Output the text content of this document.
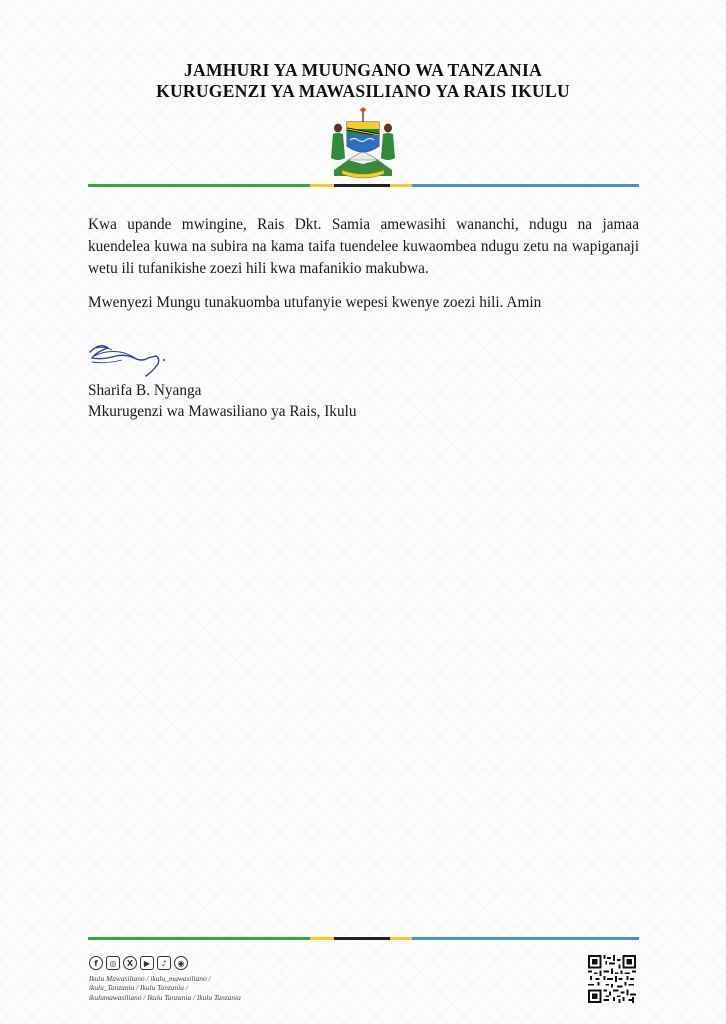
JAMHURI YA MUUNGANO WA TANZANIA
KURUGENZI YA MAWASILIANO YA RAIS IKULU

Kwa upande mwingine, Rais Dkt. Samia amewasihi wananchi, ndugu na jamaa kuendelea kuwa na subira na kama taifa tuendelee kuwaombea ndugu zetu na wapiganaji wetu ili tufanikishe zoezi hili kwa mafanikio makubwa.

Mwenyezi Mungu tunakuomba utufanyie wepesi kwenye zoezi hili. Amin

Sharifa B. Nyanga
Mkurugenzi wa Mawasiliano ya Rais, Ikulu
f	◎	X	▶	♪	◉
Ikulu Mawasiliano / ikulu_mawasiliano /
ikulu_Tanzania / Ikulu Tanzania /
ikulumawasiliano / Ikulu Tanzania / Ikulu Tanzania
